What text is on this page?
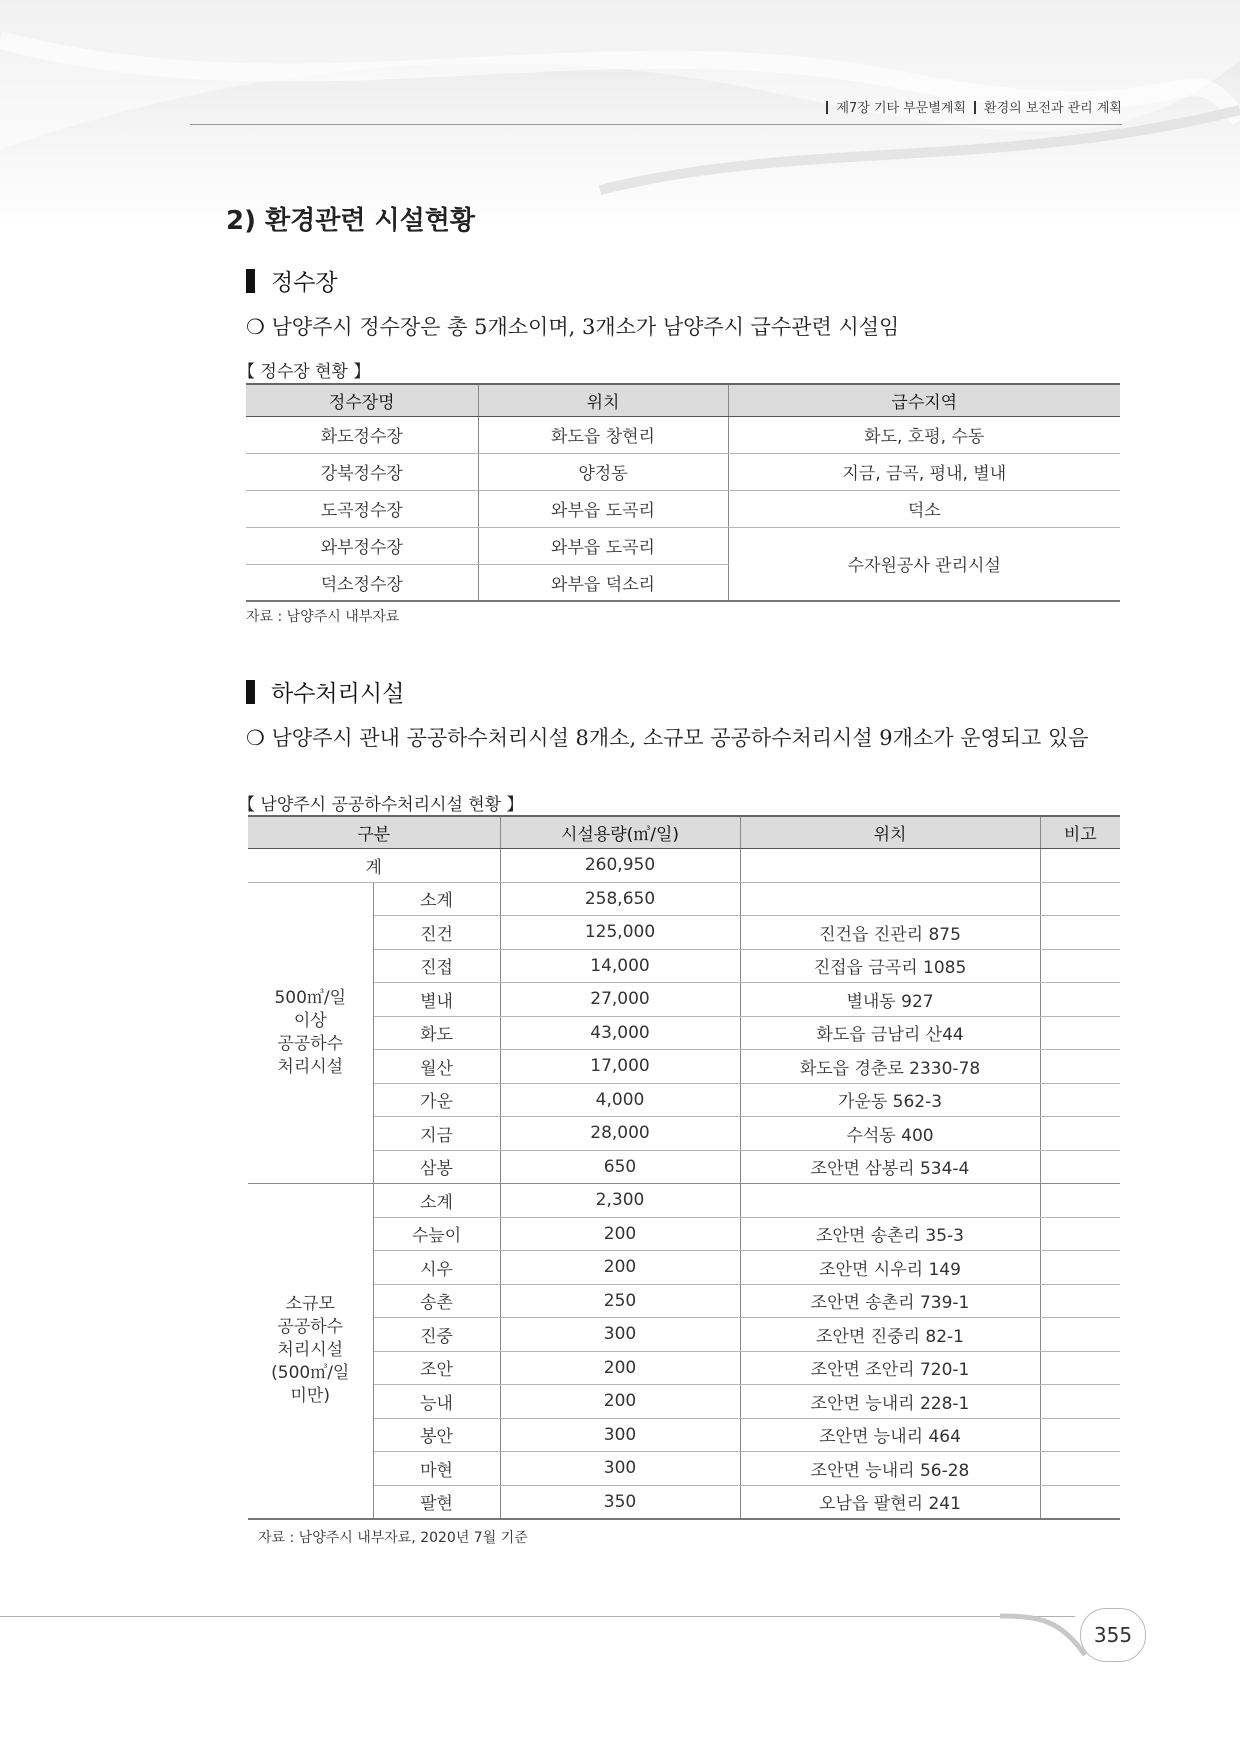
제7장 기타 부문별계획 환경의 보전과 관리 계획
2) 환경관련 시설현황
정수장
❍ 남양주시 정수장은 총 5개소이며, 3개소가 남양주시 급수관련 시설임
【 정수장 현황 】
정수장명	위치	급수지역
화도정수장	화도읍 창현리	화도, 호평, 수동
강북정수장	양정동	지금, 금곡, 평내, 별내
도곡정수장	와부읍 도곡리	덕소
와부정수장	와부읍 도곡리	수자원공사 관리시설
덕소정수장	와부읍 덕소리	
자료 : 남양주시 내부자료
하수처리시설
❍ 남양주시 관내 공공하수처리시설 8개소, 소규모 공공하수처리시설 9개소가 운영되고 있음
【 남양주시 공공하수처리시설 현황 】
구분		시설용량(㎥/일)	위치	비고
계		260,950		

500㎥/일
이상
공공하수
처리시설	소계	258,650		
	진건	125,000	진건읍 진관리 875	
	진접	14,000	진접읍 금곡리 1085	
	별내	27,000	별내동 927	
	화도	43,000	화도읍 금남리 산44	
	월산	17,000	화도읍 경춘로 2330-78	
	가운	4,000	가운동 562-3	
	지금	28,000	수석동 400	
	삼봉	650	조안면 삼봉리 534-4	

소규모
공공하수
처리시설
(500㎥/일
미만)	소계	2,300		
	수늪이	200	조안면 송촌리 35-3	
	시우	200	조안면 시우리 149	
	송촌	250	조안면 송촌리 739-1	
	진중	300	조안면 진중리 82-1	
	조안	200	조안면 조안리 720-1	
	능내	200	조안면 능내리 228-1	
	봉안	300	조안면 능내리 464	
	마현	300	조안면 능내리 56-28	
	팔현	350	오남읍 팔현리 241	
자료 : 남양주시 내부자료, 2020년 7월 기준
355
